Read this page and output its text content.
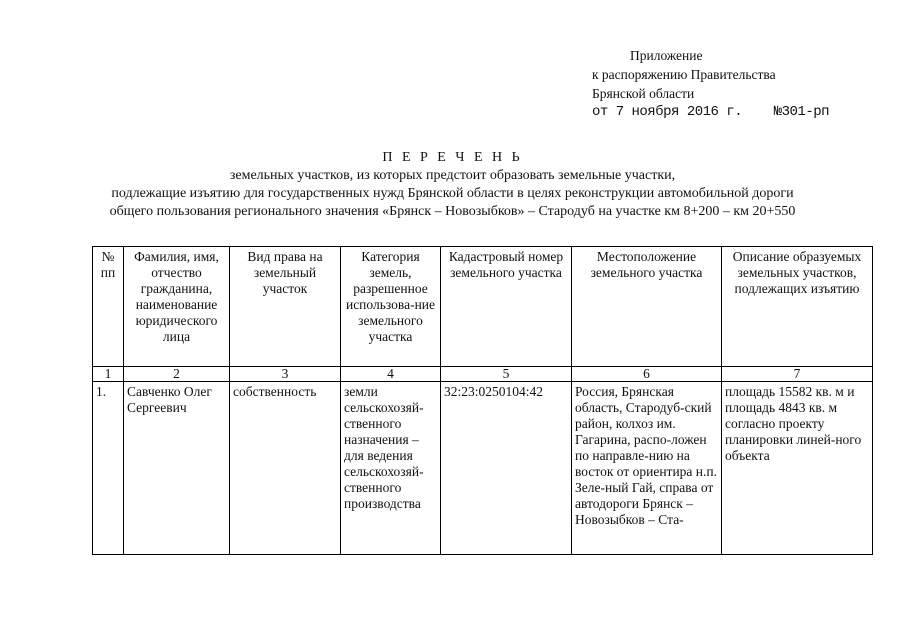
Приложение
к распоряжению Правительства
Брянской области
от 7 ноября 2016 г.    №301-рп
П Е Р Е Ч Е Н Ь
земельных участков, из которых предстоит образовать земельные участки,
подлежащие изъятию для государственных нужд Брянской области в целях реконструкции автомобильной дороги
общего пользования регионального значения «Брянск – Новозыбков» – Стародуб на участке км 8+200 – км 20+550
№ пп	Фамилия, имя, отчество гражданина, наименование юридического лица	Вид права на земельный участок	Категория земель, разрешенное использова-ние земельного участка	Кадастровый номер земельного участка	Местоположение земельного участка	Описание образуемых земельных участков, подлежащих изъятию
1	2	3	4	5	6	7
1.	Савченко Олег Сергеевич	собственность	земли сельскохозяй-ственного назначения – для ведения сельскохозяй-ственного производства	32:23:0250104:42	Россия, Брянская область, Стародуб-ский район, колхоз им. Гагарина, распо-ложен по направле-нию на восток от ориентира н.п. Зеле-ный Гай, справа от автодороги Брянск – Новозыбков – Ста-	площадь 15582 кв. м и площадь 4843 кв. м согласно проекту планировки линей-ного объекта
